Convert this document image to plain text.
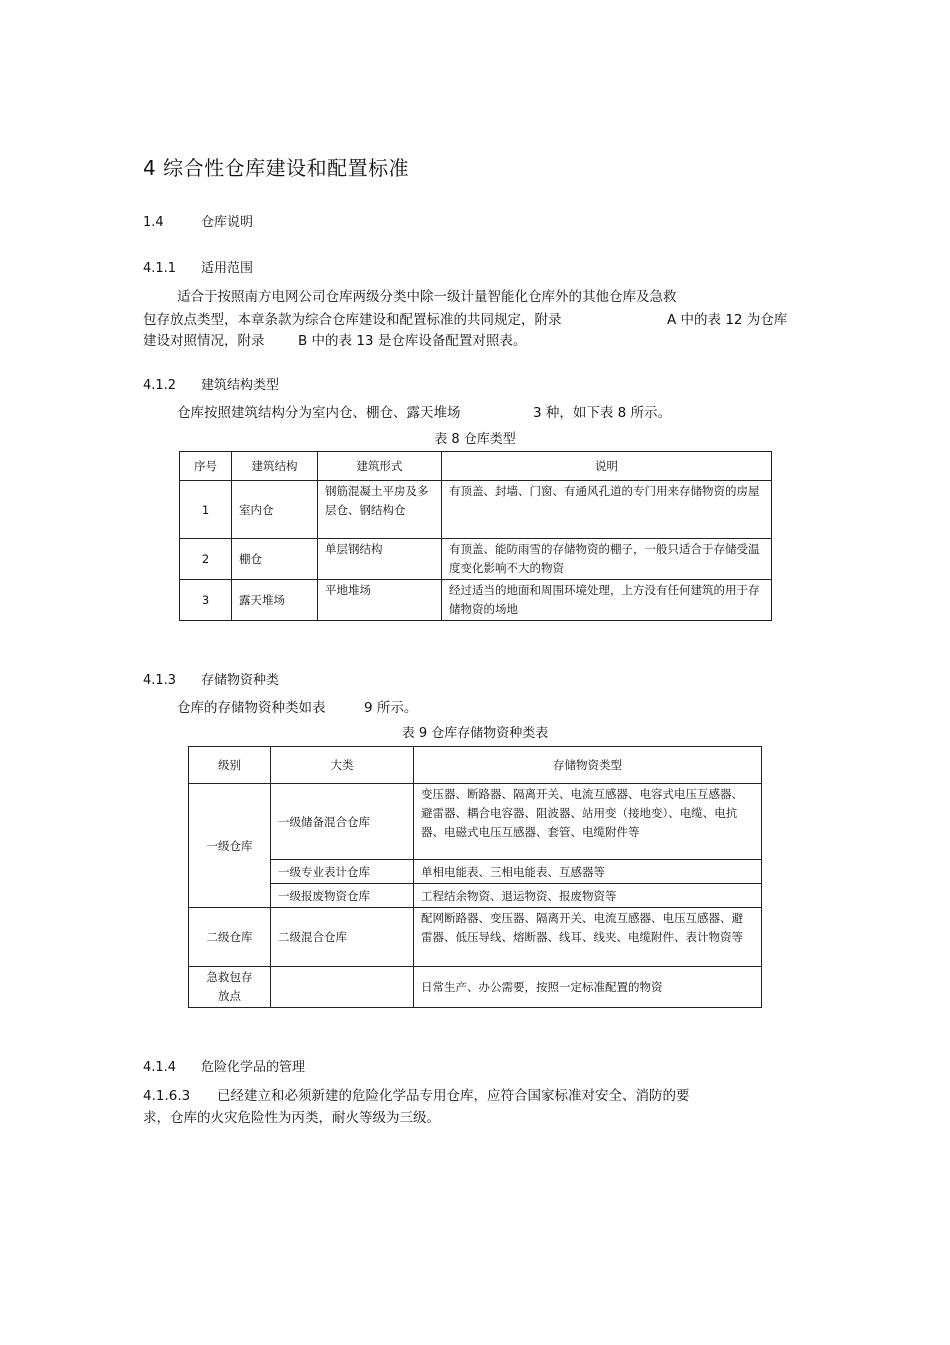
4 综合性仓库建设和配置标准
1.4	仓库说明
4.1.1 适用范围
适合于按照南方电网公司仓库两级分类中除一级计量智能化仓库外的其他仓库及急救
包存放点类型，本章条款为综合仓库建设和配置标准的共同规定，附录	A 中的表 12 为仓库
建设对照情况，附录 B 中的表 13 是仓库设备配置对照表。
4.1.2 建筑结构类型
仓库按照建筑结构分为室内仓、棚仓、露天堆场	3 种，如下表 8 所示。
表 8 仓库类型
序号	建筑结构	建筑形式	说明
1	室内仓	钢筋混凝土平房及多层仓、钢结构仓	有顶盖、封墙、门窗、有通风孔道的专门用来存储物资的房屋
2	棚仓	单层钢结构	有顶盖、能防雨雪的存储物资的棚子，一般只适合于存储受温度变化影响不大的物资
3	露天堆场	平地堆场	经过适当的地面和周围环境处理，上方没有任何建筑的用于存储物资的场地
4.1.3 存储物资种类
仓库的存储物资种类如表	9 所示。
表 9 仓库存储物资种类表
级别	大类	存储物资类型
一级仓库	一级储备混合仓库	变压器、断路器、隔离开关、电流互感器、电容式电压互感器、避雷器、耦合电容器、阻波器、站用变（接地变）、电缆、电抗器、电磁式电压互感器、套管、电缆附件等
	一级专业表计仓库	单相电能表、三相电能表、互感器等
	一级报废物资仓库	工程结余物资、退运物资、报废物资等
二级仓库	二级混合仓库	配网断路器、变压器、隔离开关、电流互感器、电压互感器、避雷器、低压导线、熔断器、线耳、线夹、电缆附件、表计物资等
急救包存放点		日常生产、办公需要，按照一定标准配置的物资
4.1.4 危险化学品的管理
4.1.6.3 已经建立和必须新建的危险化学品专用仓库，应符合国家标准对安全、消防的要
求，仓库的火灾危险性为丙类，耐火等级为三级。
